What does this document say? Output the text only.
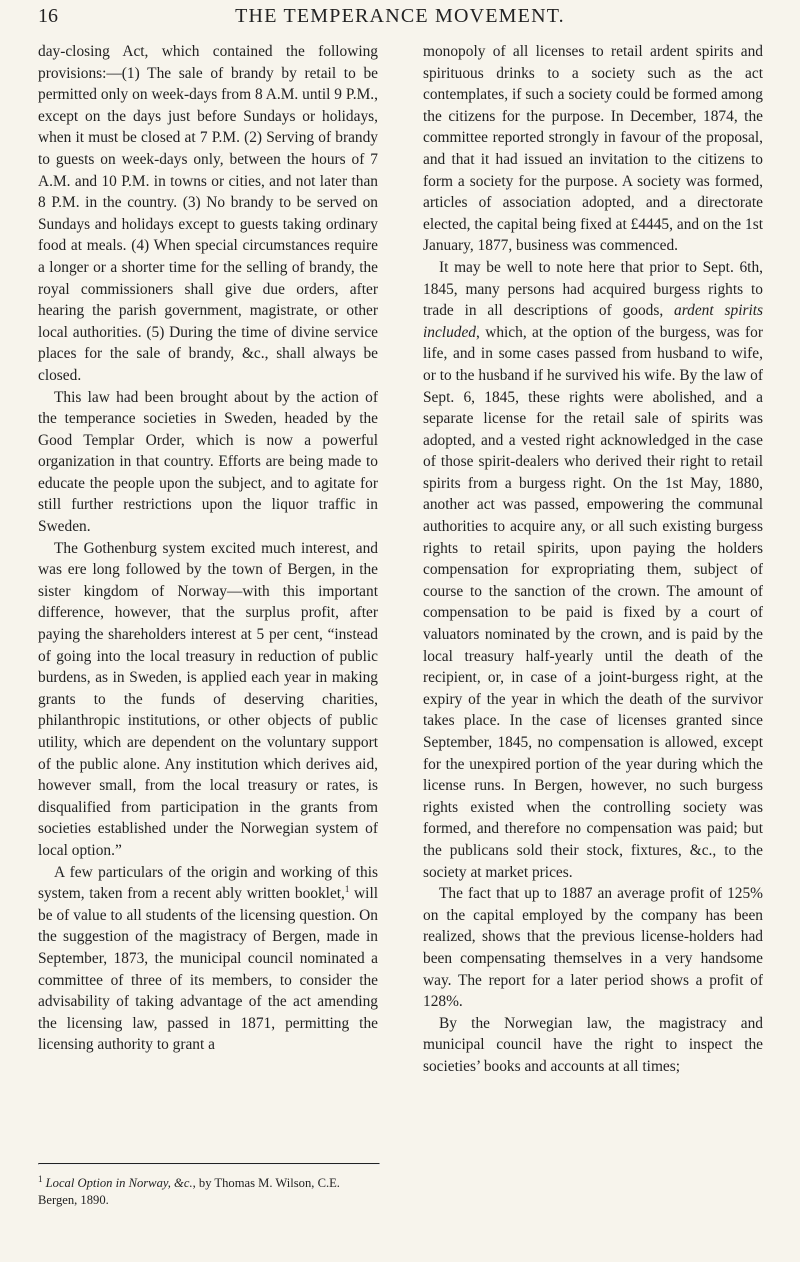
16	THE TEMPERANCE MOVEMENT.

day-closing Act, which contained the following provisions:—(1) The sale of brandy by retail to be permitted only on week-days from 8 A.M. until 9 P.M., except on the days just before Sundays or holidays, when it must be closed at 7 P.M. (2) Serving of brandy to guests on week-days only, between the hours of 7 A.M. and 10 P.M. in towns or cities, and not later than 8 P.M. in the country. (3) No brandy to be served on Sundays and holidays except to guests taking ordinary food at meals. (4) When special circumstances require a longer or a shorter time for the selling of brandy, the royal commissioners shall give due orders, after hearing the parish government, magistrate, or other local authorities. (5) During the time of divine service places for the sale of brandy, &c., shall always be closed.

This law had been brought about by the action of the temperance societies in Sweden, headed by the Good Templar Order, which is now a powerful organization in that country. Efforts are being made to educate the people upon the subject, and to agitate for still further restrictions upon the liquor traffic in Sweden.

The Gothenburg system excited much interest, and was ere long followed by the town of Bergen, in the sister kingdom of Norway—with this important difference, however, that the surplus profit, after paying the shareholders interest at 5 per cent, “instead of going into the local treasury in reduction of public burdens, as in Sweden, is applied each year in making grants to the funds of deserving charities, philanthropic institutions, or other objects of public utility, which are dependent on the voluntary support of the public alone. Any institution which derives aid, however small, from the local treasury or rates, is disqualified from participation in the grants from societies established under the Norwegian system of local option.”

A few particulars of the origin and working of this system, taken from a recent ably written booklet,$^1$ will be of value to all students of the licensing question. On the suggestion of the magistracy of Bergen, made in September, 1873, the municipal council nominated a committee of three of its members, to consider the advisability of taking advantage of the act amending the licensing law, passed in 1871, permitting the licensing authority to grant a

monopoly of all licenses to retail ardent spirits and spirituous drinks to a society such as the act contemplates, if such a society could be formed among the citizens for the purpose. In December, 1874, the committee reported strongly in favour of the proposal, and that it had issued an invitation to the citizens to form a society for the purpose. A society was formed, articles of association adopted, and a directorate elected, the capital being fixed at £4445, and on the 1st January, 1877, business was commenced.

It may be well to note here that prior to Sept. 6th, 1845, many persons had acquired burgess rights to trade in all descriptions of goods, ardent spirits included, which, at the option of the burgess, was for life, and in some cases passed from husband to wife, or to the husband if he survived his wife. By the law of Sept. 6, 1845, these rights were abolished, and a separate license for the retail sale of spirits was adopted, and a vested right acknowledged in the case of those spirit-dealers who derived their right to retail spirits from a burgess right. On the 1st May, 1880, another act was passed, empowering the communal authorities to acquire any, or all such existing burgess rights to retail spirits, upon paying the holders compensation for expropriating them, subject of course to the sanction of the crown. The amount of compensation to be paid is fixed by a court of valuators nominated by the crown, and is paid by the local treasury half-yearly until the death of the recipient, or, in case of a joint-burgess right, at the expiry of the year in which the death of the survivor takes place. In the case of licenses granted since September, 1845, no compensation is allowed, except for the unexpired portion of the year during which the license runs. In Bergen, however, no such burgess rights existed when the controlling society was formed, and therefore no compensation was paid; but the publicans sold their stock, fixtures, &c., to the society at market prices.

The fact that up to 1887 an average profit of 125% on the capital employed by the company has been realized, shows that the previous license-holders had been compensating themselves in a very handsome way. The report for a later period shows a profit of 128%.

By the Norwegian law, the magistracy and municipal council have the right to inspect the societies’ books and accounts at all times;

$^1$ Local Option in Norway, &c., by Thomas M. Wilson, C.E. Bergen, 1890.
